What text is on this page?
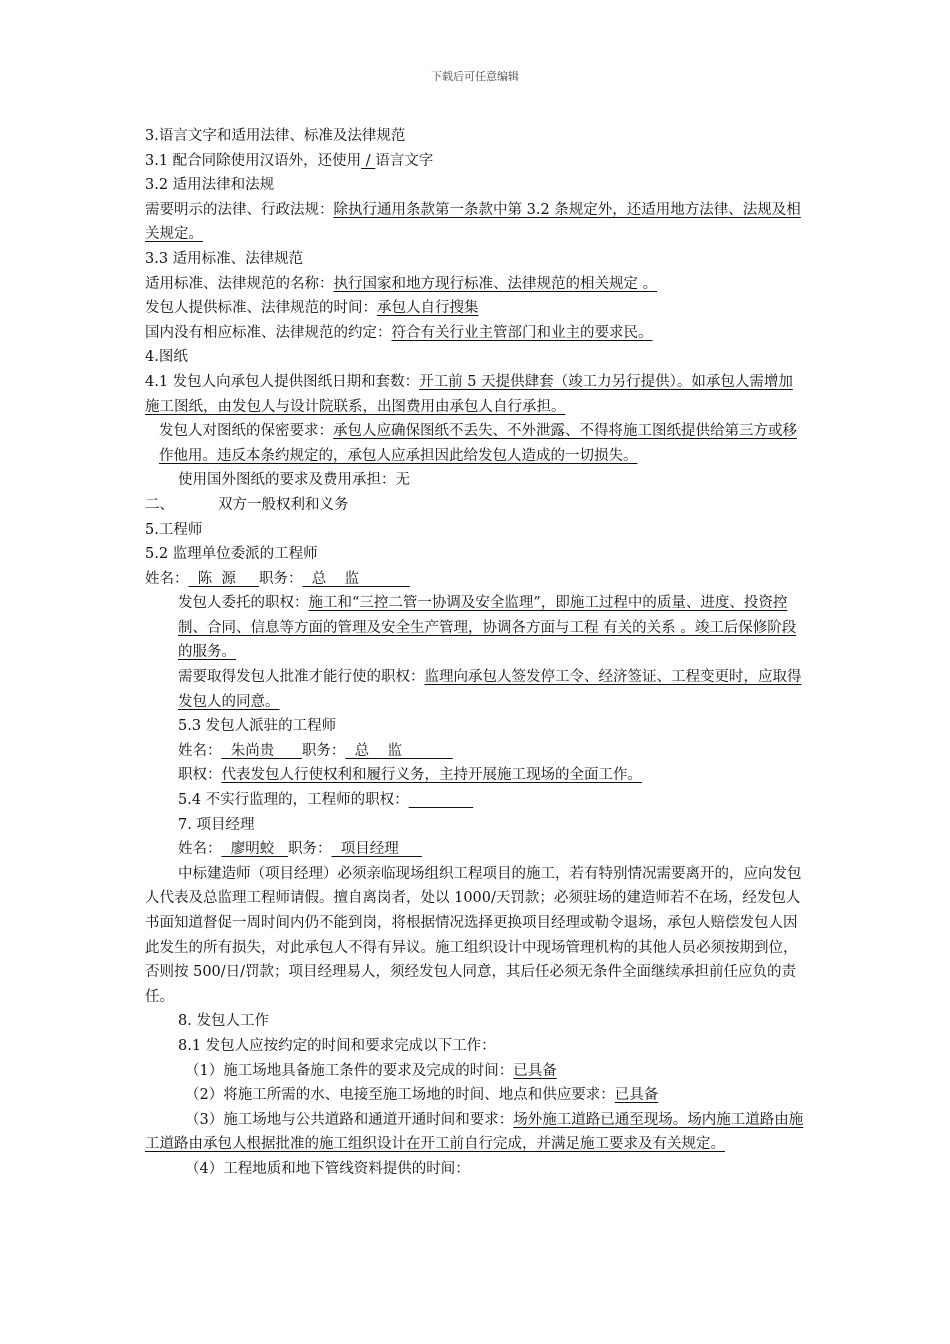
下载后可任意编辑

3.语言文字和适用法律、标准及法律规范

3.1 配合同除使用汉语外，还使用 / 语言文字

3.2 适用法律和法规

需要明示的法律、行政法规：除执行通用条款第一条款中第 3.2 条规定外，还适用地方法律、法规及相关规定。

3.3 适用标准、法律规范

适用标准、法律规范的名称：执行国家和地方现行标准、法律规范的相关规定 。

发包人提供标准、法律规范的时间：承包人自行搜集

国内没有相应标准、法律规范的约定：符合有关行业主管部门和业主的要求民。

4.图纸

4.1 发包人向承包人提供图纸日期和套数：开工前 5 天提供肆套（竣工力另行提供）。如承包人需增加施工图纸，由发包人与设计院联系，出图费用由承包人自行承担。

发包人对图纸的保密要求：承包人应确保图纸不丢失、不外泄露、不得将施工图纸提供给第三方或移作他用。违反本条约规定的，承包人应承担因此给发包人造成的一切损失。

使用国外图纸的要求及费用承担：无

二、	双方一般权利和义务

5.工程师

5.2 监理单位委派的工程师

姓名：  陈  源     职务：  总    监

发包人委托的职权：施工和“三控二管一协调及安全监理”，即施工过程中的质量、进度、投资控制、合同、信息等方面的管理及安全生产管理，协调各方面与工程 有关的关系 。竣工后保修阶段的服务。

需要取得发包人批准才能行使的职权：监理向承包人签发停工令、经济签证、工程变更时，应取得发包人的同意。

5.3 发包人派驻的工程师

姓名：  朱尚贵      职务：  总    监

职权：代表发包人行使权利和履行义务，主持开展施工现场的全面工作。

5.4 不实行监理的，工程师的职权：

7. 项目经理

姓名：  廖明蛟   职务：  项目经理

中标建造师（项目经理）必须亲临现场组织工程项目的施工，若有特别情况需要离开的，应向发包人代表及总监理工程师请假。擅自离岗者，处以 1000/天罚款；必须驻场的建造师若不在场，经发包人书面知道督促一周时间内仍不能到岗，将根据情况选择更换项目经理或勒令退场，承包人赔偿发包人因此发生的所有损失，对此承包人不得有异议。施工组织设计中现场管理机构的其他人员必须按期到位，否则按 500/日/罚款；项目经理易人，须经发包人同意，其后任必须无条件全面继续承担前任应负的责任。

8. 发包人工作

8.1 发包人应按约定的时间和要求完成以下工作：

（1）施工场地具备施工条件的要求及完成的时间：已具备

（2）将施工所需的水、电接至施工场地的时间、地点和供应要求：已具备

（3）施工场地与公共道路和通道开通时间和要求：场外施工道路已通至现场。场内施工道路由施工道路由承包人根据批准的施工组织设计在开工前自行完成，并满足施工要求及有关规定。

（4）工程地质和地下管线资料提供的时间：
